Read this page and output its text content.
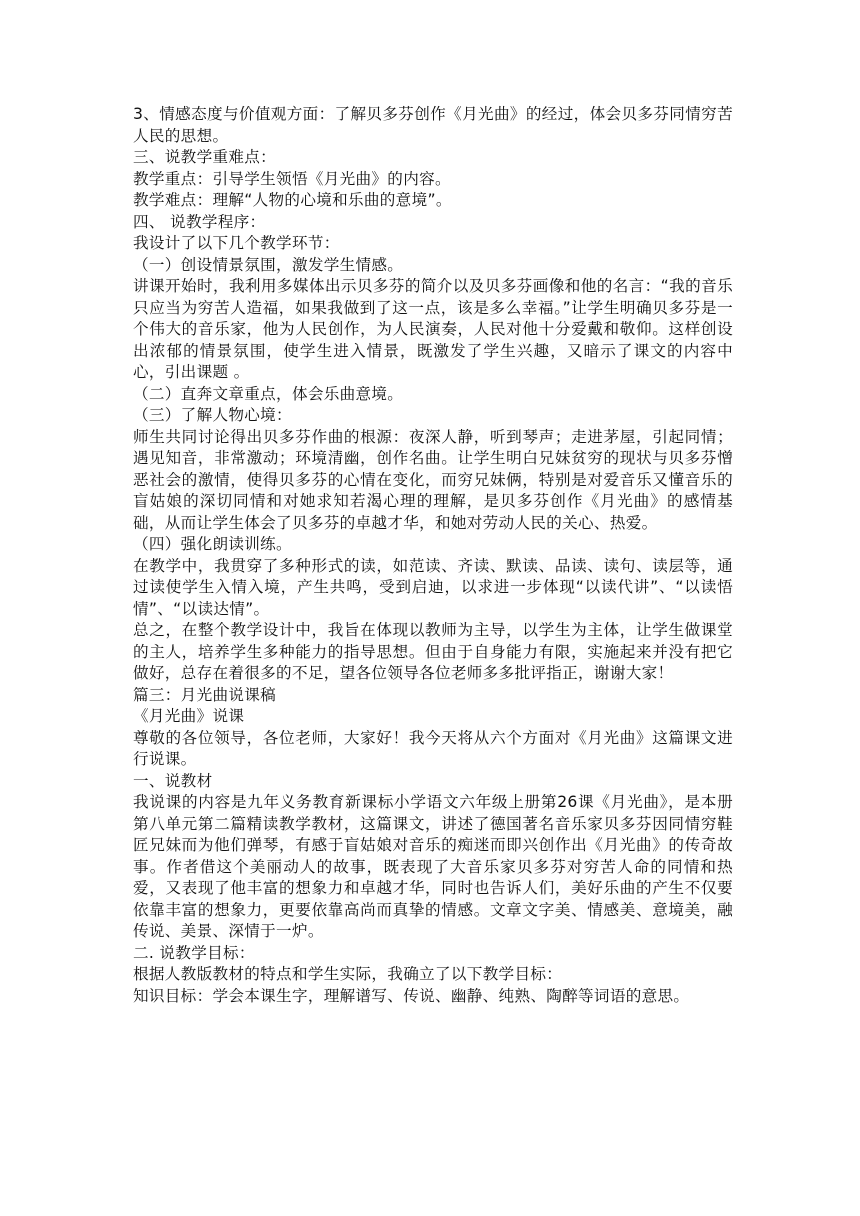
3、情感态度与价值观方面：了解贝多芬创作《月光曲》的经过，体会贝多芬同情穷苦人民的思想。

三、说教学重难点：

教学重点：引导学生领悟《月光曲》的内容。

教学难点：理解“人物的心境和乐曲的意境”。

四、 说教学程序：

我设计了以下几个教学环节：

（一）创设情景氛围，激发学生情感。

讲课开始时，我利用多媒体出示贝多芬的简介以及贝多芬画像和他的名言：“我的音乐只应当为穷苦人造福，如果我做到了这一点，该是多么幸福。”让学生明确贝多芬是一个伟大的音乐家，他为人民创作，为人民演奏，人民对他十分爱戴和敬仰。这样创设出浓郁的情景氛围，使学生进入情景，既激发了学生兴趣，又暗示了课文的内容中心，引出课题 。

（二）直奔文章重点，体会乐曲意境。

（三）了解人物心境：

师生共同讨论得出贝多芬作曲的根源：夜深人静，听到琴声；走进茅屋，引起同情；遇见知音，非常激动；环境清幽，创作名曲。让学生明白兄妹贫穷的现状与贝多芬憎恶社会的激情，使得贝多芬的心情在变化，而穷兄妹俩，特别是对爱音乐又懂音乐的盲姑娘的深切同情和对她求知若渴心理的理解，是贝多芬创作《月光曲》的感情基础，从而让学生体会了贝多芬的卓越才华，和她对劳动人民的关心、热爱。

（四）强化朗读训练。

在教学中，我贯穿了多种形式的读，如范读、齐读、默读、品读、读句、读层等，通过读使学生入情入境，产生共鸣，受到启迪，以求进一步体现“以读代讲”、“以读悟情”、“以读达情”。

总之，在整个教学设计中，我旨在体现以教师为主导，以学生为主体，让学生做课堂的主人，培养学生多种能力的指导思想。但由于自身能力有限，实施起来并没有把它做好，总存在着很多的不足，望各位领导各位老师多多批评指正，谢谢大家！

篇三：月光曲说课稿

《月光曲》说课

尊敬的各位领导，各位老师，大家好！我今天将从六个方面对《月光曲》这篇课文进行说课。

一、说教材

我说课的内容是九年义务教育新课标小学语文六年级上册第26课《月光曲》，是本册第八单元第二篇精读教学教材，这篇课文，讲述了德国著名音乐家贝多芬因同情穷鞋匠兄妹而为他们弹琴，有感于盲姑娘对音乐的痴迷而即兴创作出《月光曲》的传奇故事。作者借这个美丽动人的故事，既表现了大音乐家贝多芬对穷苦人命的同情和热爱，又表现了他丰富的想象力和卓越才华，同时也告诉人们，美好乐曲的产生不仅要依靠丰富的想象力，更要依靠高尚而真挚的情感。文章文字美、情感美、意境美，融传说、美景、深情于一炉。

二. 说教学目标：

根据人教版教材的特点和学生实际，我确立了以下教学目标：

知识目标：学会本课生字，理解谱写、传说、幽静、纯熟、陶醉等词语的意思。
